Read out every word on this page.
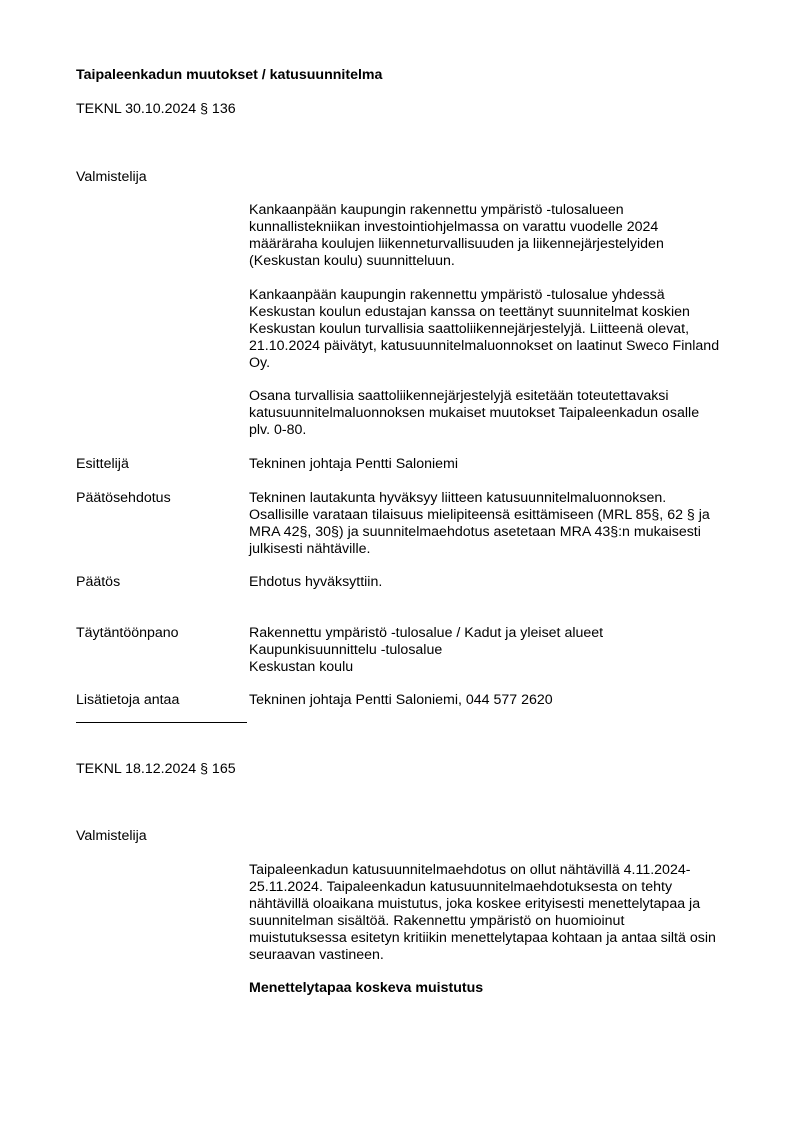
Taipaleenkadun muutokset / katusuunnitelma
TEKNL 30.10.2024 § 136
Valmistelija
Kankaanpään kaupungin rakennettu ympäristö -tulosalueen
kunnallistekniikan investointiohjelmassa on varattu vuodelle 2024
määräraha koulujen liikenneturvallisuuden ja liikennejärjestelyiden
(Keskustan koulu) suunnitteluun.
Kankaanpään kaupungin rakennettu ympäristö -tulosalue yhdessä
Keskustan koulun edustajan kanssa on teettänyt suunnitelmat koskien
Keskustan koulun turvallisia saattoliikennejärjestelyjä. Liitteenä olevat,
21.10.2024 päivätyt, katusuunnitelmaluonnokset on laatinut Sweco Finland
Oy.
Osana turvallisia saattoliikennejärjestelyjä esitetään toteutettavaksi
katusuunnitelmaluonnoksen mukaiset muutokset Taipaleenkadun osalle
plv. 0-80.
Esittelijä	Tekninen johtaja Pentti Saloniemi
Päätösehdotus	Tekninen lautakunta hyväksyy liitteen katusuunnitelmaluonnoksen.
Osallisille varataan tilaisuus mielipiteensä esittämiseen (MRL 85§, 62 § ja
MRA 42§, 30§) ja suunnitelmaehdotus asetetaan MRA 43§:n mukaisesti
julkisesti nähtäville.
Päätös	Ehdotus hyväksyttiin.
Täytäntöönpano	Rakennettu ympäristö -tulosalue / Kadut ja yleiset alueet
Kaupunkisuunnittelu -tulosalue
Keskustan koulu
Lisätietoja antaa	Tekninen johtaja Pentti Saloniemi, 044 577 2620
TEKNL 18.12.2024 § 165
Valmistelija
Taipaleenkadun katusuunnitelmaehdotus on ollut nähtävillä 4.11.2024-
25.11.2024. Taipaleenkadun katusuunnitelmaehdotuksesta on tehty
nähtävillä oloaikana muistutus, joka koskee erityisesti menettelytapaa ja
suunnitelman sisältöä. Rakennettu ympäristö on huomioinut
muistutuksessa esitetyn kritiikin menettelytapaa kohtaan ja antaa siltä osin
seuraavan vastineen.
Menettelytapaa koskeva muistutus
